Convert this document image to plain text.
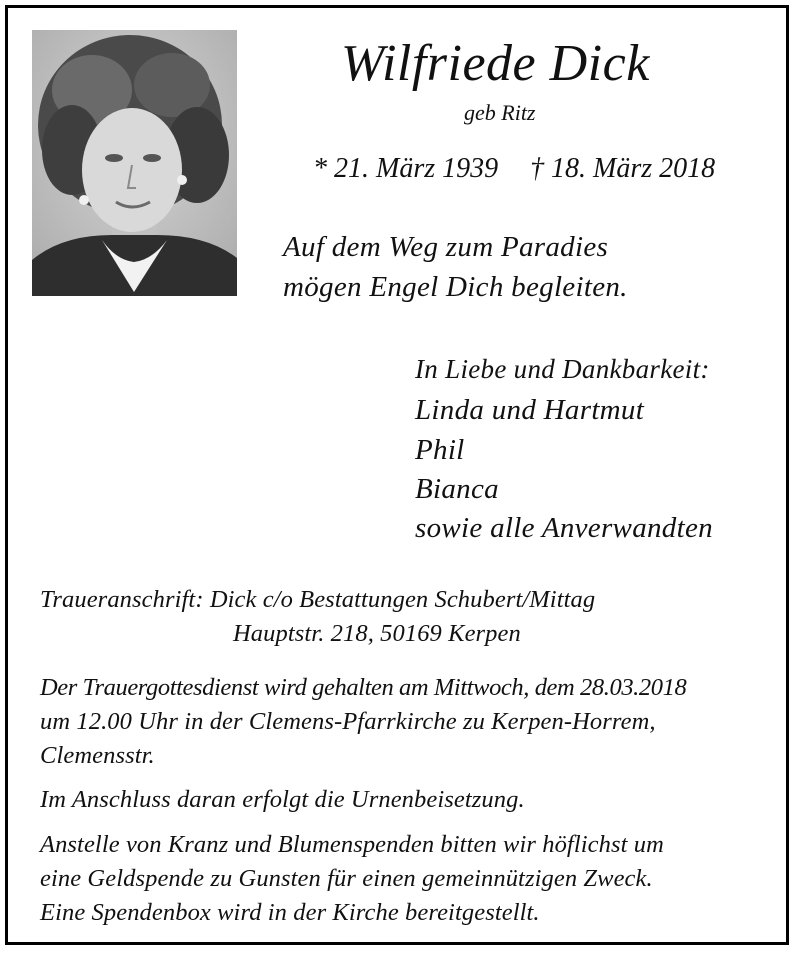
Wilfriede Dick
geb Ritz
* 21. März 1939 † 18. März 2018
Auf dem Weg zum Paradies
mögen Engel Dich begleiten.
In Liebe und Dankbarkeit:
Linda und Hartmut
Phil
Bianca
sowie alle Anverwandten
Traueranschrift: Dick c/o Bestattungen Schubert/Mittag
Hauptstr. 218, 50169 Kerpen
Der Trauergottesdienst wird gehalten am Mittwoch, dem 28.03.2018
um 12.00 Uhr in der Clemens-Pfarrkirche zu Kerpen-Horrem,
Clemensstr.
Im Anschluss daran erfolgt die Urnenbeisetzung.
Anstelle von Kranz und Blumenspenden bitten wir höflichst um
eine Geldspende zu Gunsten für einen gemeinnützigen Zweck.
Eine Spendenbox wird in der Kirche bereitgestellt.
